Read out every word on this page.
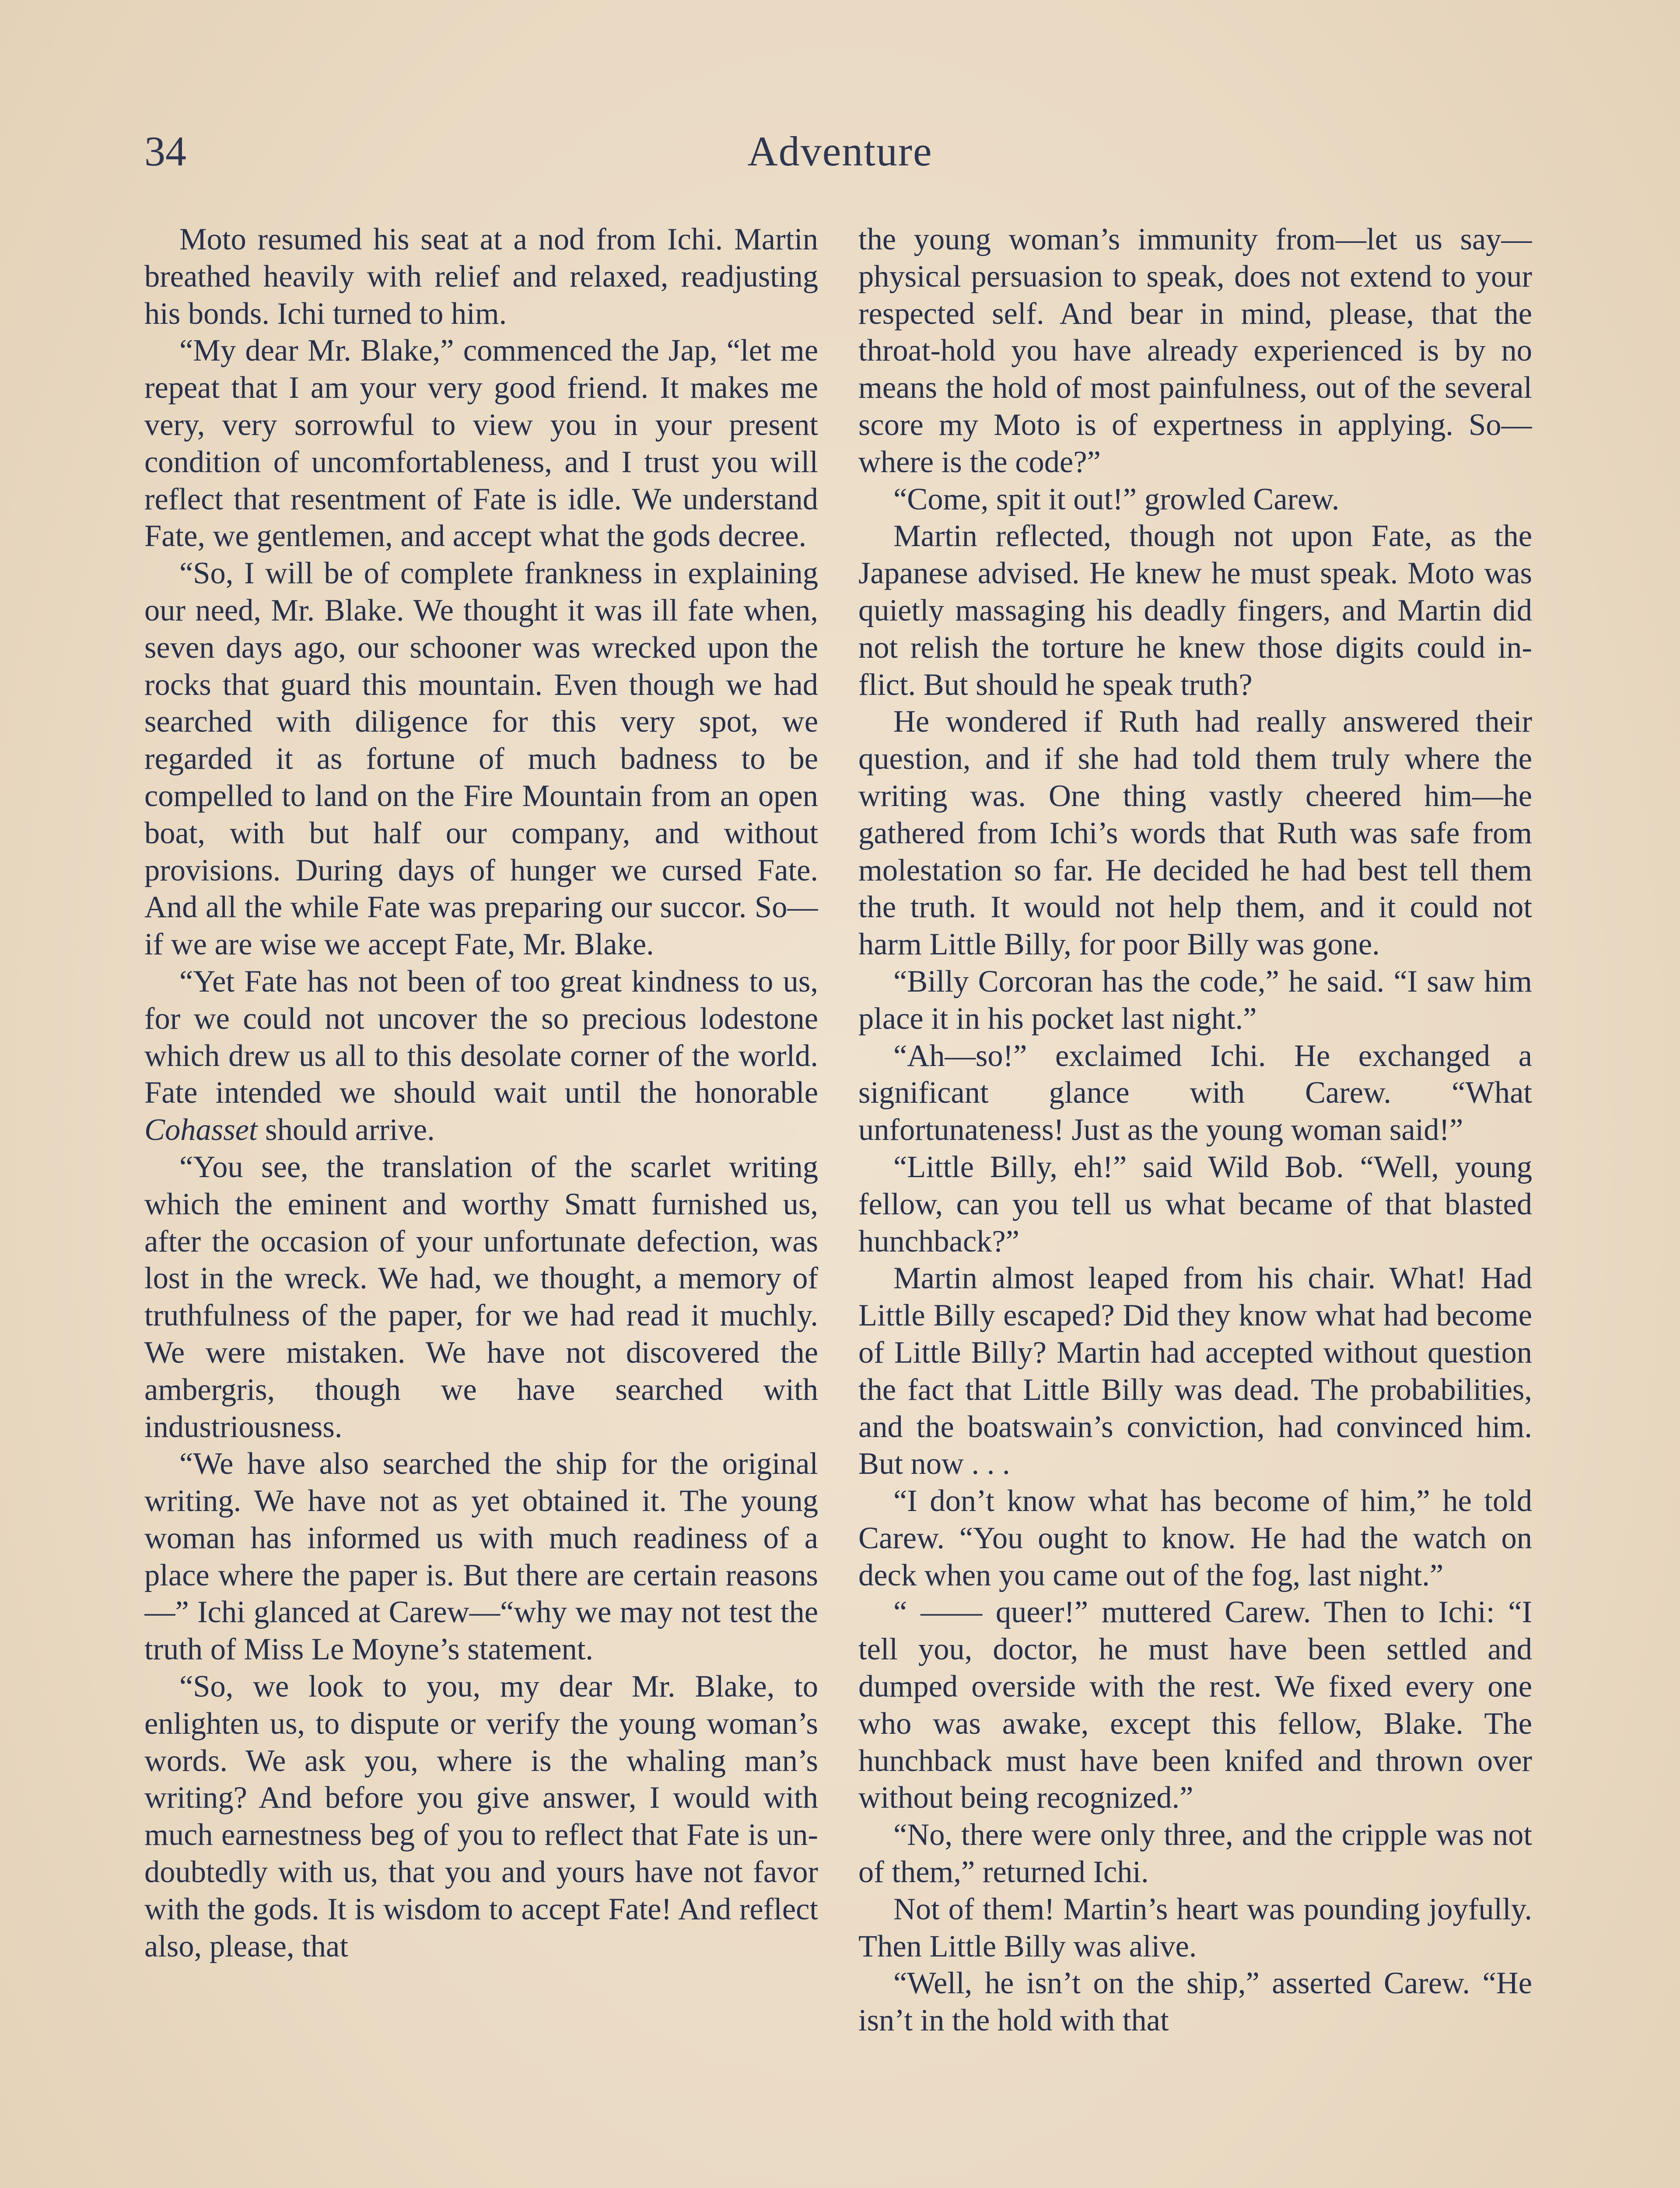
34	Adventure

Moto resumed his seat at a nod from Ichi. Martin breathed heavily with relief and relaxed, readjusting his bonds. Ichi turned to him.

“My dear Mr. Blake,” commenced the Jap, “let me repeat that I am your very good friend. It makes me very, very sorrowful to view you in your present condition of uncomfortableness, and I trust you will reflect that resentment of Fate is idle. We understand Fate, we gentlemen, and accept what the gods decree.

“So, I will be of complete frankness in explaining our need, Mr. Blake. We thought it was ill fate when, seven days ago, our schooner was wrecked upon the rocks that guard this mountain. Even though we had searched with diligence for this very spot, we regarded it as fortune of much badness to be compelled to land on the Fire Mountain from an open boat, with but half our company, and without provisions. During days of hunger we cursed Fate. And all the while Fate was preparing our succor. So—if we are wise we accept Fate, Mr. Blake.

“Yet Fate has not been of too great kindness to us, for we could not uncover the so precious lodestone which drew us all to this desolate corner of the world. Fate intended we should wait until the honorable Cohasset should arrive.

“You see, the translation of the scarlet writing which the eminent and worthy Smatt furnished us, after the occasion of your unfortunate defection, was lost in the wreck. We had, we thought, a memory of truthfulness of the paper, for we had read it muchly. We were mistaken. We have not discovered the ambergris, though we have searched with industriousness.

“We have also searched the ship for the original writing. We have not as yet obtained it. The young woman has informed us with much readiness of a place where the paper is. But there are certain reasons—” Ichi glanced at Carew—“why we may not test the truth of Miss Le Moyne’s statement.

“So, we look to you, my dear Mr. Blake, to enlighten us, to dispute or verify the young woman’s words. We ask you, where is the whaling man’s writing? And before you give answer, I would with much earnestness beg of you to reflect that Fate is undoubtedly with us, that you and yours have not favor with the gods. It is wisdom to accept Fate! And reflect also, please, that

the young woman’s immunity from—let us say—physical persuasion to speak, does not extend to your respected self. And bear in mind, please, that the throat-hold you have already experienced is by no means the hold of most painfulness, out of the several score my Moto is of expertness in applying. So— where is the code?”

“Come, spit it out!” growled Carew.

Martin reflected, though not upon Fate, as the Japanese advised. He knew he must speak. Moto was quietly massaging his deadly fingers, and Martin did not relish the torture he knew those digits could inflict. But should he speak truth?

He wondered if Ruth had really answered their question, and if she had told them truly where the writing was. One thing vastly cheered him—he gathered from Ichi’s words that Ruth was safe from molestation so far. He decided he had best tell them the truth. It would not help them, and it could not harm Little Billy, for poor Billy was gone.

“Billy Corcoran has the code,” he said. “I saw him place it in his pocket last night.”

“Ah—so!” exclaimed Ichi. He exchanged a significant glance with Carew. “What unfortunateness! Just as the young woman said!”

“Little Billy, eh!” said Wild Bob. “Well, young fellow, can you tell us what became of that blasted hunchback?”

Martin almost leaped from his chair. What! Had Little Billy escaped? Did they know what had become of Little Billy? Martin had accepted without question the fact that Little Billy was dead. The probabilities, and the boatswain’s conviction, had convinced him. But now . . .

“I don’t know what has become of him,” he told Carew. “You ought to know. He had the watch on deck when you came out of the fog, last night.”

“ —— queer!” muttered Carew. Then to Ichi: “I tell you, doctor, he must have been settled and dumped overside with the rest. We fixed every one who was awake, except this fellow, Blake. The hunchback must have been knifed and thrown over without being recognized.”

“No, there were only three, and the cripple was not of them,” returned Ichi.

Not of them! Martin’s heart was pounding joyfully. Then Little Billy was alive.

“Well, he isn’t on the ship,” asserted Carew. “He isn’t in the hold with that
